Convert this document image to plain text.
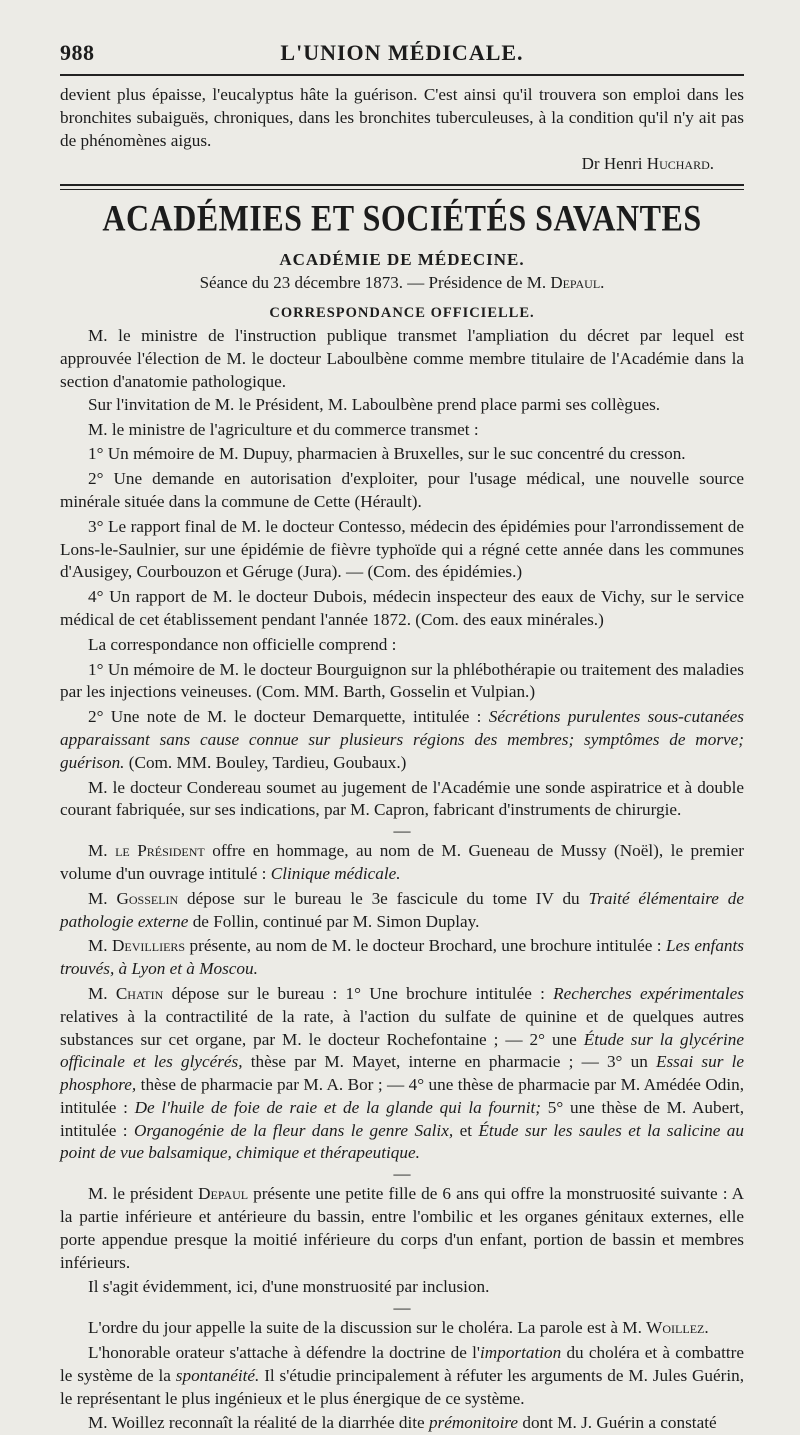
988	L'UNION MÉDICALE.

devient plus épaisse, l'eucalyptus hâte la guérison. C'est ainsi qu'il trouvera son emploi dans les bronchites subaiguës, chroniques, dans les bronchites tuberculeuses, à la condition qu'il n'y ait pas de phénomènes aigus.

Dr Henri Huchard.
ACADÉMIES ET SOCIÉTÉS SAVANTES
ACADÉMIE DE MÉDECINE.
Séance du 23 décembre 1873. — Présidence de M. Depaul.
CORRESPONDANCE OFFICIELLE.

M. le ministre de l'instruction publique transmet l'ampliation du décret par lequel est approuvée l'élection de M. le docteur Laboulbène comme membre titulaire de l'Académie dans la section d'anatomie pathologique.

Sur l'invitation de M. le Président, M. Laboulbène prend place parmi ses collègues.

M. le ministre de l'agriculture et du commerce transmet :

1° Un mémoire de M. Dupuy, pharmacien à Bruxelles, sur le suc concentré du cresson.

2° Une demande en autorisation d'exploiter, pour l'usage médical, une nouvelle source minérale située dans la commune de Cette (Hérault).

3° Le rapport final de M. le docteur Contesso, médecin des épidémies pour l'arrondissement de Lons-le-Saulnier, sur une épidémie de fièvre typhoïde qui a régné cette année dans les communes d'Ausigey, Courbouzon et Géruge (Jura). — (Com. des épidémies.)

4° Un rapport de M. le docteur Dubois, médecin inspecteur des eaux de Vichy, sur le service médical de cet établissement pendant l'année 1872. (Com. des eaux minérales.)

La correspondance non officielle comprend :

1° Un mémoire de M. le docteur Bourguignon sur la phlébothérapie ou traitement des maladies par les injections veineuses. (Com. MM. Barth, Gosselin et Vulpian.)

2° Une note de M. le docteur Demarquette, intitulée : Sécrétions purulentes sous-cutanées apparaissant sans cause connue sur plusieurs régions des membres; symptômes de morve; guérison. (Com. MM. Bouley, Tardieu, Goubaux.)

M. le docteur Condereau soumet au jugement de l'Académie une sonde aspiratrice et à double courant fabriquée, sur ses indications, par M. Capron, fabricant d'instruments de chirurgie.

—

M. le Président offre en hommage, au nom de M. Gueneau de Mussy (Noël), le premier volume d'un ouvrage intitulé : Clinique médicale.

M. Gosselin dépose sur le bureau le 3e fascicule du tome IV du Traité élémentaire de pathologie externe de Follin, continué par M. Simon Duplay.

M. Devilliers présente, au nom de M. le docteur Brochard, une brochure intitulée : Les enfants trouvés, à Lyon et à Moscou.

M. Chatin dépose sur le bureau : 1° Une brochure intitulée : Recherches expérimentales relatives à la contractilité de la rate, à l'action du sulfate de quinine et de quelques autres substances sur cet organe, par M. le docteur Rochefontaine ; — 2° une Étude sur la glycérine officinale et les glycérés, thèse par M. Mayet, interne en pharmacie ; — 3° un Essai sur le phosphore, thèse de pharmacie par M. A. Bor ; — 4° une thèse de pharmacie par M. Amédée Odin, intitulée : De l'huile de foie de raie et de la glande qui la fournit; 5° une thèse de M. Aubert, intitulée : Organogénie de la fleur dans le genre Salix, et Étude sur les saules et la salicine au point de vue balsamique, chimique et thérapeutique.

—

M. le président Depaul présente une petite fille de 6 ans qui offre la monstruosité suivante : A la partie inférieure et antérieure du bassin, entre l'ombilic et les organes génitaux externes, elle porte appendue presque la moitié inférieure du corps d'un enfant, portion de bassin et membres inférieurs.

Il s'agit évidemment, ici, d'une monstruosité par inclusion.

—

L'ordre du jour appelle la suite de la discussion sur le choléra. La parole est à M. Woillez.

L'honorable orateur s'attache à défendre la doctrine de l'importation du choléra et à combattre le système de la spontanéité. Il s'étudie principalement à réfuter les arguments de M. Jules Guérin, le représentant le plus ingénieux et le plus énergique de ce système.

M. Woillez reconnaît la réalité de la diarrhée dite prémonitoire dont M. J. Guérin a constaté
